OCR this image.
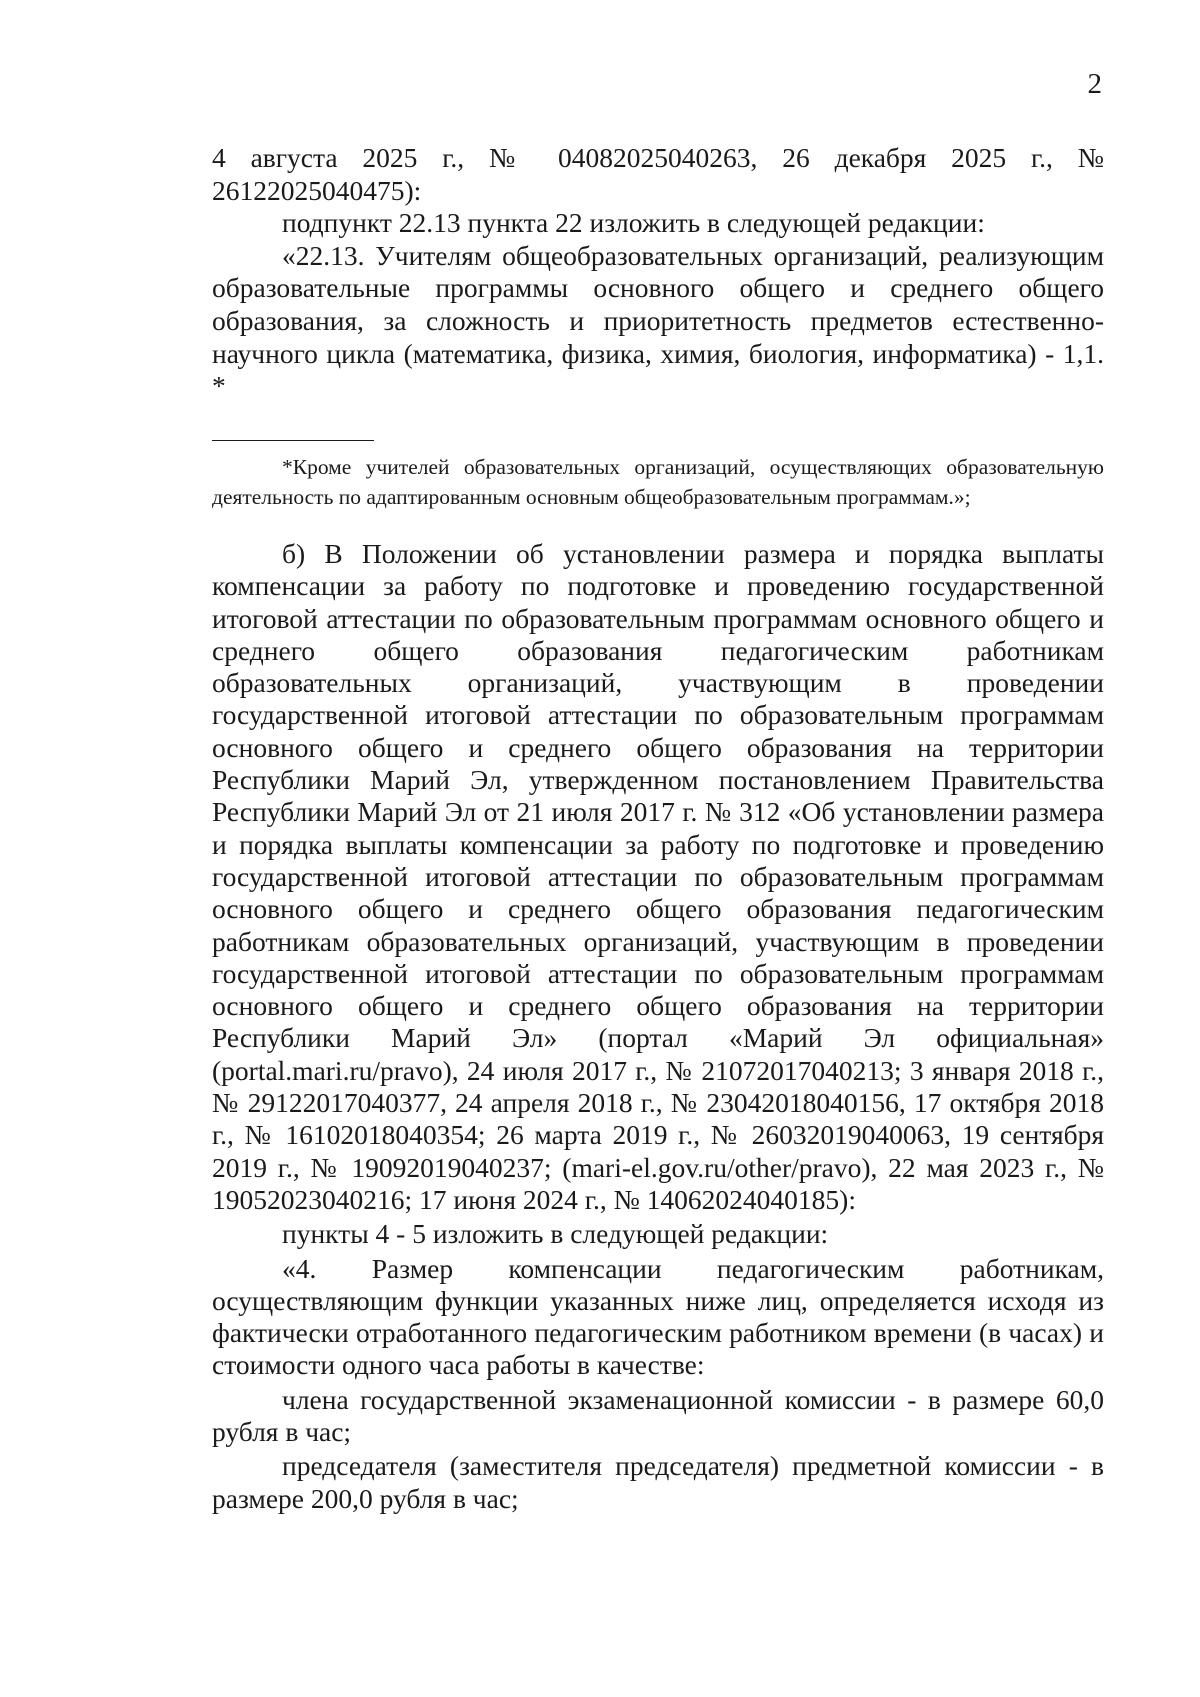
2

4 августа 2025 г., № 04082025040263, 26 декабря 2025 г., № 26122025040475):

подпункт 22.13 пункта 22 изложить в следующей редакции:

«22.13. Учителям общеобразовательных организаций, реализующим образовательные программы основного общего и среднего общего образования, за сложность и приоритетность предметов естественно-научного цикла (математика, физика, химия, биология, информатика) - 1,1. *

*Кроме учителей образовательных организаций, осуществляющих образовательную деятельность по адаптированным основным общеобразовательным программам.»;

б) В Положении об установлении размера и порядка выплаты компенсации за работу по подготовке и проведению государственной итоговой аттестации по образовательным программам основного общего и среднего общего образования педагогическим работникам образовательных организаций, участвующим в проведении государственной итоговой аттестации по образовательным программам основного общего и среднего общего образования на территории Республики Марий Эл, утвержденном постановлением Правительства Республики Марий Эл от 21 июля 2017 г. № 312 «Об установлении размера и порядка выплаты компенсации за работу по подготовке и проведению государственной итоговой аттестации по образовательным программам основного общего и среднего общего образования педагогическим работникам образовательных организаций, участвующим в проведении государственной итоговой аттестации по образовательным программам основного общего и среднего общего образования на территории Республики Марий Эл» (портал «Марий Эл официальная» (portal.mari.ru/pravo), 24 июля 2017 г., № 21072017040213; 3 января 2018 г., № 29122017040377, 24 апреля 2018 г., № 23042018040156, 17 октября 2018 г., № 16102018040354; 26 марта 2019 г., № 26032019040063, 19 сентября 2019 г., № 19092019040237; (mari-el.gov.ru/other/pravo), 22 мая 2023 г., № 19052023040216; 17 июня 2024 г., № 14062024040185):

пункты 4 - 5 изложить в следующей редакции:

«4. Размер компенсации педагогическим работникам, осуществляющим функции указанных ниже лиц, определяется исходя из фактически отработанного педагогическим работником времени (в часах) и стоимости одного часа работы в качестве:

члена государственной экзаменационной комиссии - в размере 60,0 рубля в час;

председателя (заместителя председателя) предметной комиссии - в размере 200,0 рубля в час;
